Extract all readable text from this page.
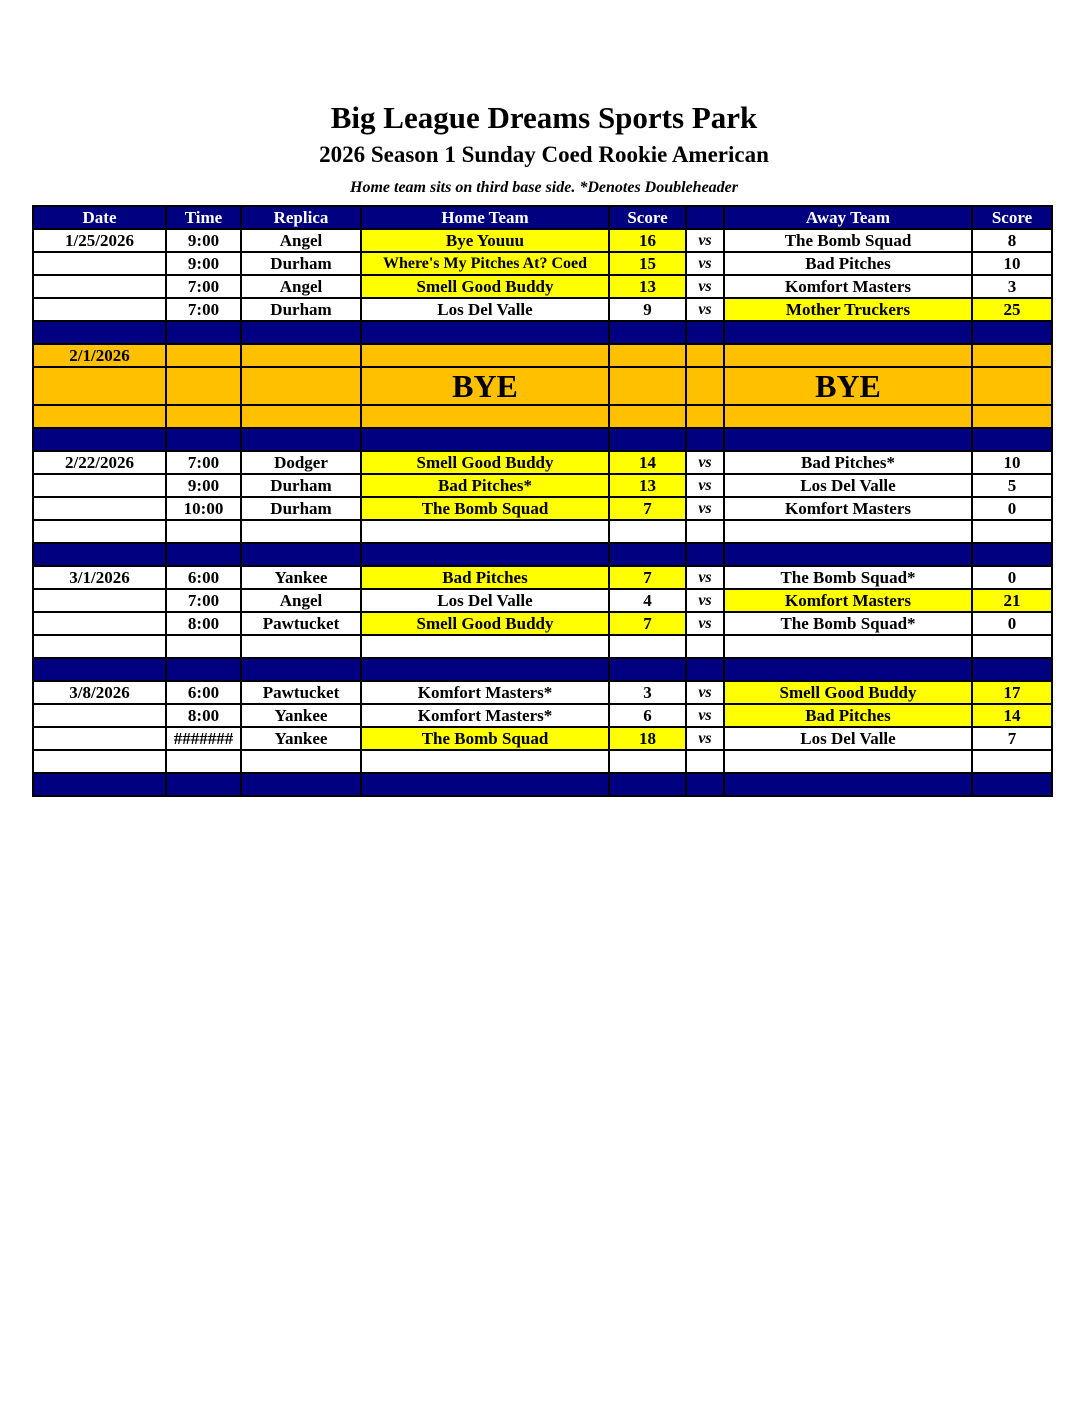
Big League Dreams Sports Park
2026 Season 1 Sunday Coed Rookie American
Home team sits on third base side. *Denotes Doubleheader
Date	Time	Replica	Home Team	Score		Away Team	Score
1/25/2026	9:00	Angel	Bye Youuu	16	vs	The Bomb Squad	8
	9:00	Durham	Where's My Pitches At? Coed	15	vs	Bad Pitches	10
	7:00	Angel	Smell Good Buddy	13	vs	Komfort Masters	3
	7:00	Durham	Los Del Valle	9	vs	Mother Truckers	25

2/1/2026							
			BYE			BYE	

2/22/2026	7:00	Dodger	Smell Good Buddy	14	vs	Bad Pitches*	10
	9:00	Durham	Bad Pitches*	13	vs	Los Del Valle	5
	10:00	Durham	The Bomb Squad	7	vs	Komfort Masters	0

3/1/2026	6:00	Yankee	Bad Pitches	7	vs	The Bomb Squad*	0
	7:00	Angel	Los Del Valle	4	vs	Komfort Masters	21
	8:00	Pawtucket	Smell Good Buddy	7	vs	The Bomb Squad*	0

3/8/2026	6:00	Pawtucket	Komfort Masters*	3	vs	Smell Good Buddy	17
	8:00	Yankee	Komfort Masters*	6	vs	Bad Pitches	14
	#######	Yankee	The Bomb Squad	18	vs	Los Del Valle	7
